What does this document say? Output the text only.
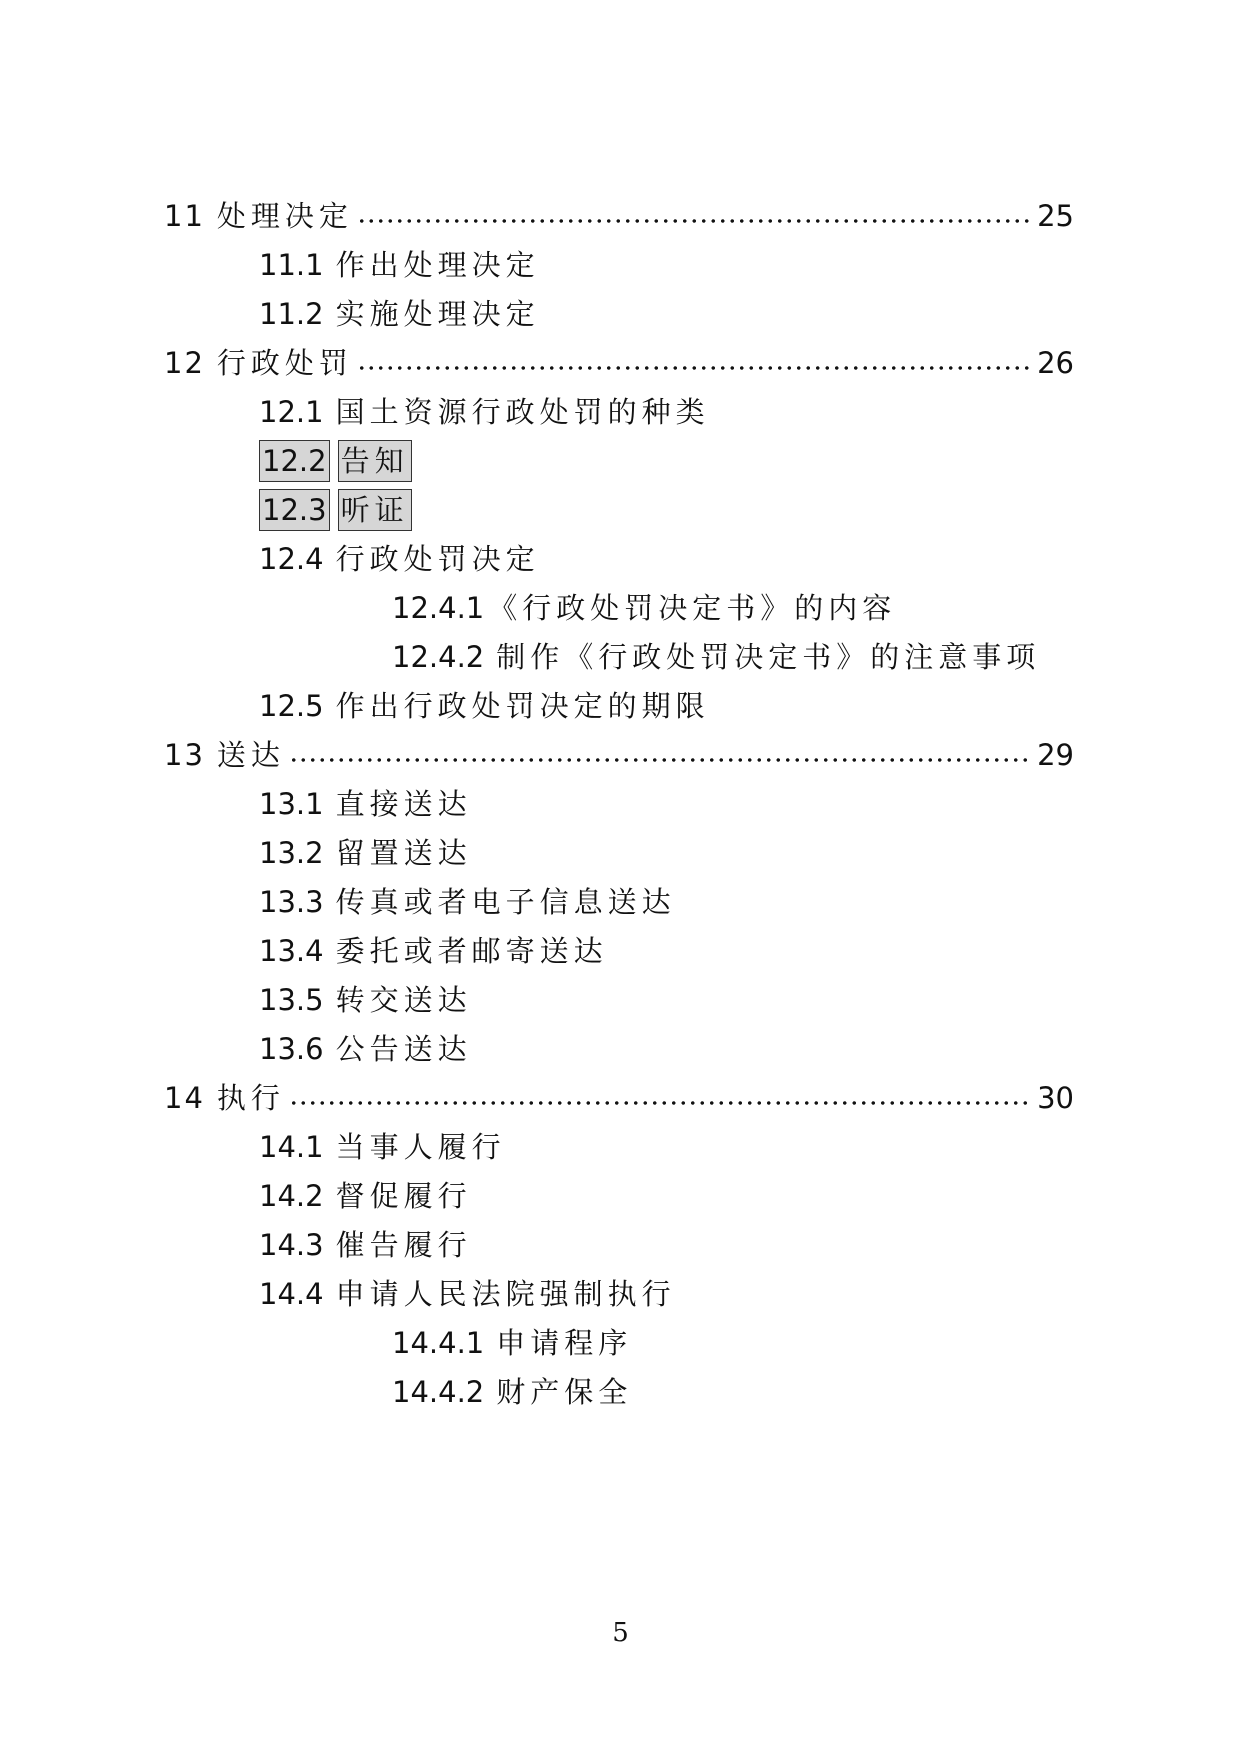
11 处理决定	25
11.1 作出处理决定
11.2 实施处理决定
12 行政处罚	26
12.1 国土资源行政处罚的种类
12.2 告知
12.3 听证
12.4 行政处罚决定
12.4.1 《行政处罚决定书》的内容
12.4.2 制作《行政处罚决定书》的注意事项
12.5 作出行政处罚决定的期限
13 送达	29
13.1 直接送达
13.2 留置送达
13.3 传真或者电子信息送达
13.4 委托或者邮寄送达
13.5 转交送达
13.6 公告送达
14 执行	30
14.1 当事人履行
14.2 督促履行
14.3 催告履行
14.4 申请人民法院强制执行
14.4.1 申请程序
14.4.2 财产保全
5
